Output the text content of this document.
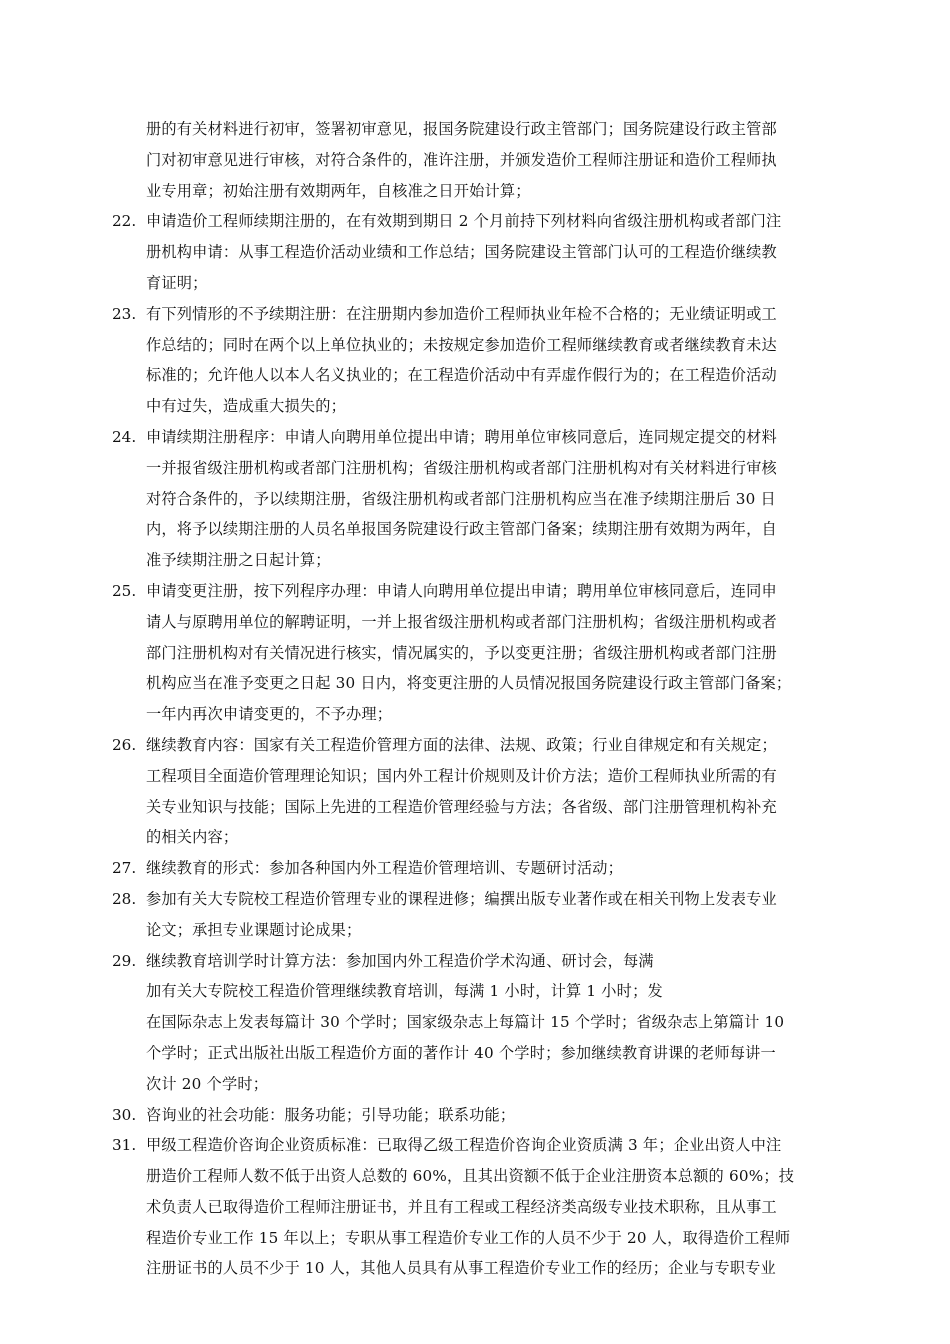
册的有关材料进行初审，签署初审意见，报国务院建设行政主管部门；国务院建设行政主管部
门对初审意见进行审核，对符合条件的，准许注册，并颁发造价工程师注册证和造价工程师执
业专用章；初始注册有效期两年，自核准之日开始计算；
22. 申请造价工程师续期注册的，在有效期到期日 2 个月前持下列材料向省级注册机构或者部门注
册机构申请：从事工程造价活动业绩和工作总结；国务院建设主管部门认可的工程造价继续教
育证明；
23. 有下列情形的不予续期注册：在注册期内参加造价工程师执业年检不合格的；无业绩证明或工
作总结的；同时在两个以上单位执业的；未按规定参加造价工程师继续教育或者继续教育未达
标准的；允许他人以本人名义执业的；在工程造价活动中有弄虚作假行为的；在工程造价活动
中有过失，造成重大损失的；
24. 申请续期注册程序：申请人向聘用单位提出申请；聘用单位审核同意后，连同规定提交的材料
一并报省级注册机构或者部门注册机构；省级注册机构或者部门注册机构对有关材料进行审核
对符合条件的，予以续期注册，省级注册机构或者部门注册机构应当在准予续期注册后 30 日
内，将予以续期注册的人员名单报国务院建设行政主管部门备案；续期注册有效期为两年，自
准予续期注册之日起计算；
25. 申请变更注册，按下列程序办理：申请人向聘用单位提出申请；聘用单位审核同意后，连同申
请人与原聘用单位的解聘证明，一并上报省级注册机构或者部门注册机构；省级注册机构或者
部门注册机构对有关情况进行核实，情况属实的，予以变更注册；省级注册机构或者部门注册
机构应当在准予变更之日起 30 日内，将变更注册的人员情况报国务院建设行政主管部门备案；
一年内再次申请变更的，不予办理；
26. 继续教育内容：国家有关工程造价管理方面的法律、法规、政策；行业自律规定和有关规定；
工程项目全面造价管理理论知识；国内外工程计价规则及计价方法；造价工程师执业所需的有
关专业知识与技能；国际上先进的工程造价管理经验与方法；各省级、部门注册管理机构补充
的相关内容；
27. 继续教育的形式：参加各种国内外工程造价管理培训、专题研讨活动；
28. 参加有关大专院校工程造价管理专业的课程进修；编撰出版专业著作或在相关刊物上发表专业
论文；承担专业课题讨论成果；
29. 继续教育培训学时计算方法：参加国内外工程造价学术沟通、研讨会，每满
加有关大专院校工程造价管理继续教育培训，每满 1 小时，计算 1 小时；发
在国际杂志上发表每篇计 30 个学时；国家级杂志上每篇计 15 个学时；省级杂志上第篇计 10
个学时；正式出版社出版工程造价方面的著作计 40 个学时；参加继续教育讲课的老师每讲一
次计 20 个学时；
30. 咨询业的社会功能：服务功能；引导功能；联系功能；
31. 甲级工程造价咨询企业资质标准：已取得乙级工程造价咨询企业资质满 3 年；企业出资人中注
册造价工程师人数不低于出资人总数的 60%，且其出资额不低于企业注册资本总额的 60%；技
术负责人已取得造价工程师注册证书，并且有工程或工程经济类高级专业技术职称，且从事工
程造价专业工作 15 年以上；专职从事工程造价专业工作的人员不少于 20 人，取得造价工程师
注册证书的人员不少于 10 人，其他人员具有从事工程造价专业工作的经历；企业与专职专业
